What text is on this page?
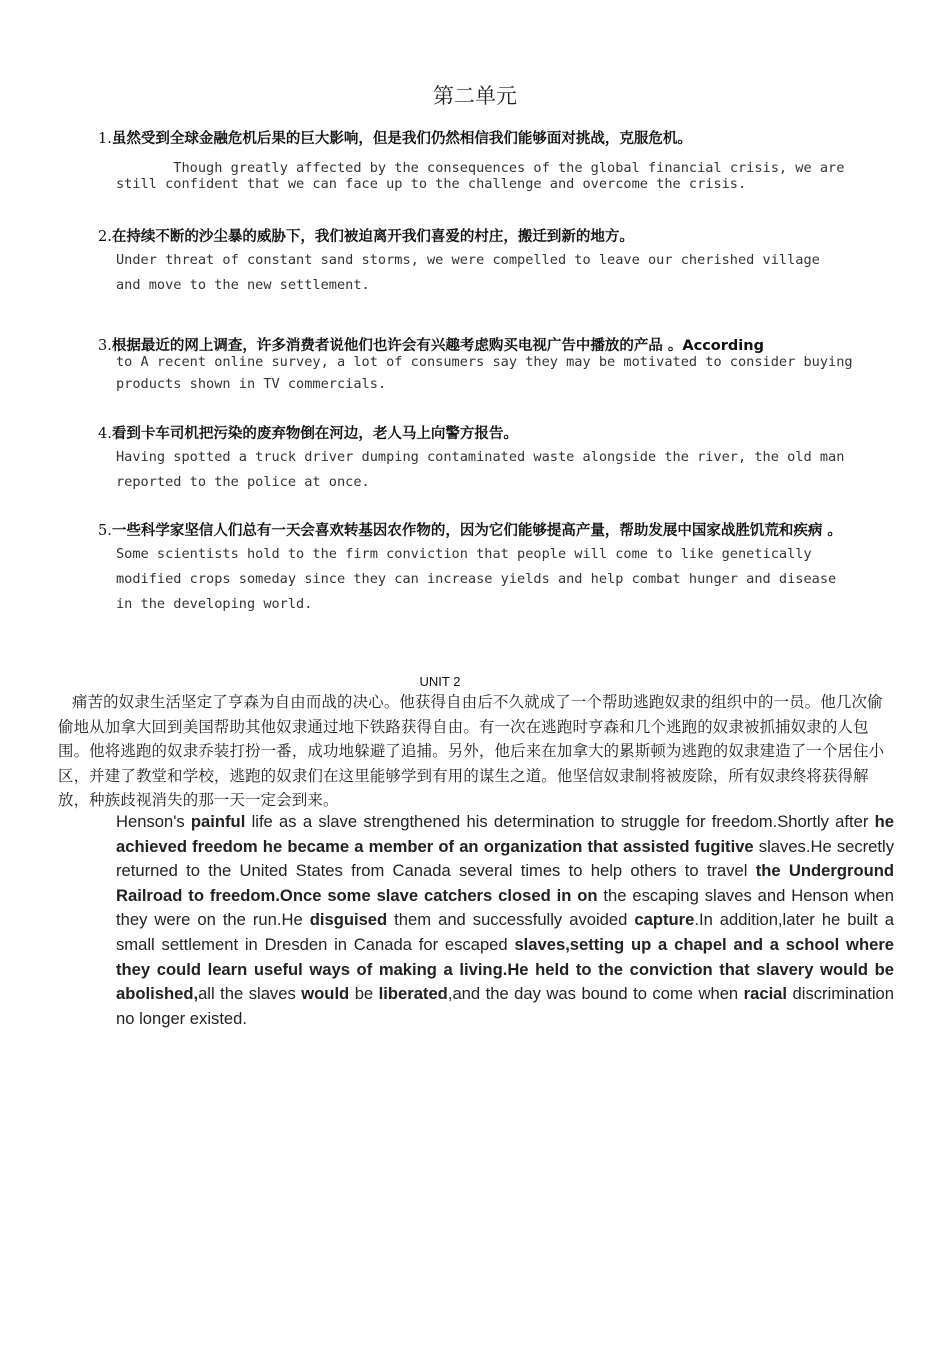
第二单元
1.虽然受到全球金融危机后果的巨大影响，但是我们仍然相信我们能够面对挑战，克服危机。
Though greatly affected by the consequences of the global financial crisis, we are
still confident that we can face up to the challenge and overcome the crisis.
2.在持续不断的沙尘暴的威胁下，我们被迫离开我们喜爱的村庄，搬迁到新的地方。
Under threat of constant sand storms, we were compelled to leave our cherished village
and move to the new settlement.
3.根据最近的网上调查，许多消费者说他们也许会有兴趣考虑购买电视广告中播放的产品 。According
to A recent online survey, a lot of consumers say they may be motivated to consider buying
products shown in TV commercials.
4.看到卡车司机把污染的废弃物倒在河边，老人马上向警方报告。
Having spotted a truck driver dumping contaminated waste alongside the river, the old man
reported to the police at once.
5.一些科学家坚信人们总有一天会喜欢转基因农作物的，因为它们能够提高产量，帮助发展中国家战胜饥荒和疾病 。
Some scientists hold to the firm conviction that people will come to like genetically
modified crops someday since they can increase yields and help combat hunger and disease
in the developing world.
UNIT 2
痛苦的奴隶生活坚定了亨森为自由而战的决心。他获得自由后不久就成了一个帮助逃跑奴隶的组织中的一员。他几次偷偷地从加拿大回到美国帮助其他奴隶通过地下铁路获得自由。有一次在逃跑时亨森和几个逃跑的奴隶被抓捕奴隶的人包围。他将逃跑的奴隶乔装打扮一番，成功地躲避了追捕。另外，他后来在加拿大的累斯顿为逃跑的奴隶建造了一个居住小区，并建了教堂和学校，逃跑的奴隶们在这里能够学到有用的谋生之道。他坚信奴隶制将被废除，所有奴隶终将获得解放，种族歧视消失的那一天一定会到来。
Henson's painful life as a slave strengthened his determination to struggle for freedom.Shortly after he achieved freedom he became a member of an organization that assisted fugitive slaves.He secretly returned to the United States from Canada several times to help others to travel the Underground Railroad to freedom.Once some slave catchers closed in on the escaping slaves and Henson when they were on the run.He disguised them and successfully avoided capture.In addition,later he built a small settlement in Dresden in Canada for escaped slaves,setting up a chapel and a school where they could learn useful ways of making a living.He held to the conviction that slavery would be abolished,all the slaves would be liberated,and the day was bound to come when racial discrimination no longer existed.
